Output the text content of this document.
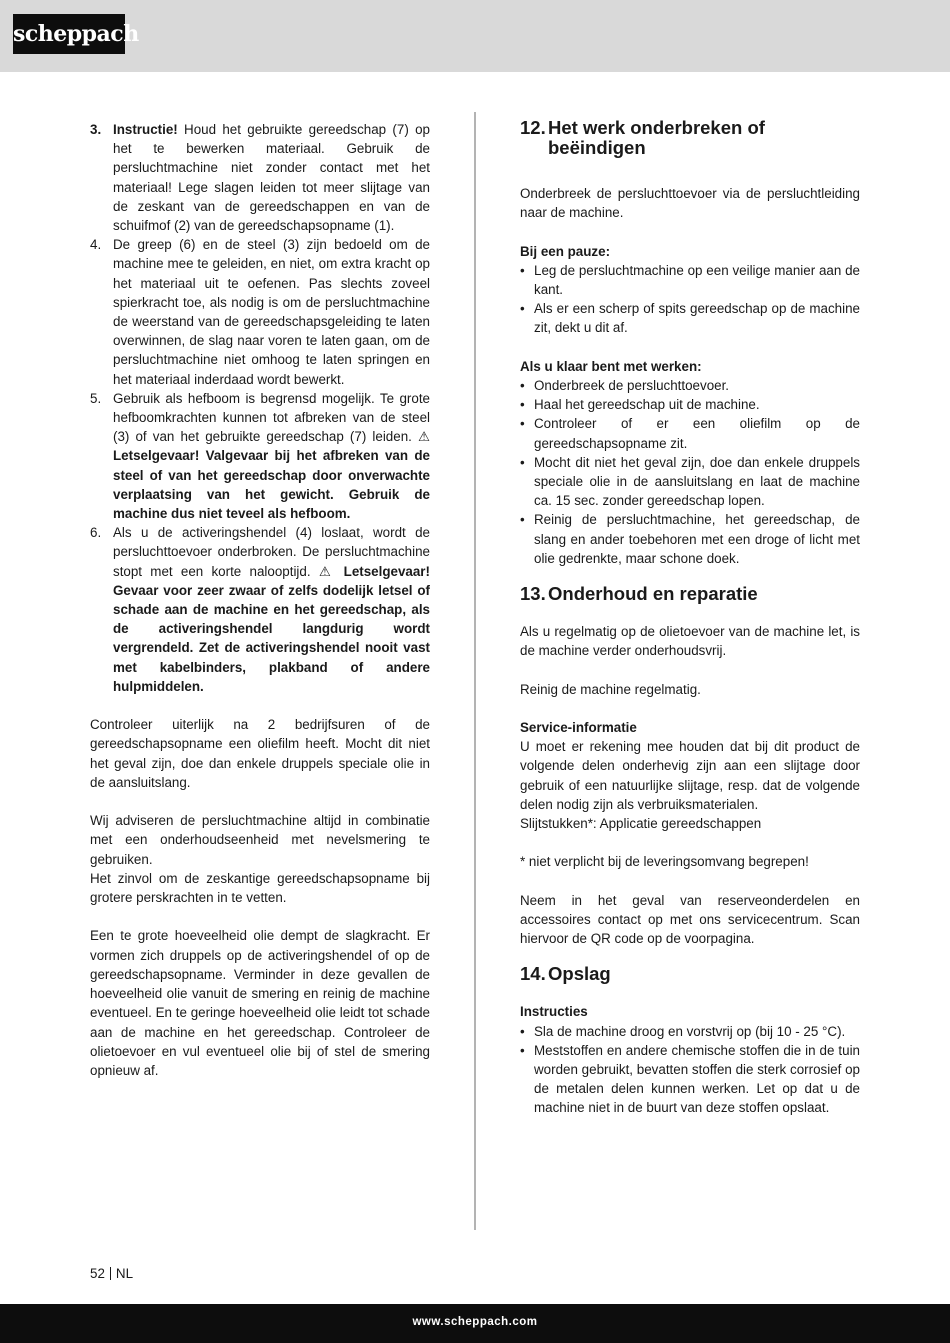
scheppach
3. Instructie! Houd het gebruikte gereedschap (7) op het te bewerken materiaal. Gebruik de persluchtmachine niet zonder contact met het materiaal! Lege slagen leiden tot meer slijtage van de zeskant van de gereedschappen en van de schuifmof (2) van de gereedschapsopname (1).
4. De greep (6) en de steel (3) zijn bedoeld om de machine mee te geleiden, en niet, om extra kracht op het materiaal uit te oefenen. Pas slechts zoveel spierkracht toe, als nodig is om de persluchtmachine de weerstand van de gereedschapsgeleiding te laten overwinnen, de slag naar voren te laten gaan, om de persluchtmachine niet omhoog te laten springen en het materiaal inderdaad wordt bewerkt.
5. Gebruik als hefboom is begrensd mogelijk. Te grote hefboomkrachten kunnen tot afbreken van de steel (3) of van het gebruikte gereedschap (7) leiden. ⚠ Letselgevaar! Valgevaar bij het afbreken van de steel of van het gereedschap door onverwachte verplaatsing van het gewicht. Gebruik de machine dus niet teveel als hefboom.
6. Als u de activeringshendel (4) loslaat, wordt de persluchttoevoer onderbroken. De persluchtmachine stopt met een korte nalooptijd. ⚠ Letselgevaar! Gevaar voor zeer zwaar of zelfs dodelijk letsel of schade aan de machine en het gereedschap, als de activeringshendel langdurig wordt vergrendeld. Zet de activeringshendel nooit vast met kabelbinders, plakband of andere hulpmiddelen.

Controleer uiterlijk na 2 bedrijfsuren of de gereedschapsopname een oliefilm heeft. Mocht dit niet het geval zijn, doe dan enkele druppels speciale olie in de aansluitslang.

Wij adviseren de persluchtmachine altijd in combinatie met een onderhoudseenheid met nevelsmering te gebruiken.

Het zinvol om de zeskantige gereedschapsopname bij grotere perskrachten in te vetten.

Een te grote hoeveelheid olie dempt de slagkracht. Er vormen zich druppels op de activeringshendel of op de gereedschapsopname. Verminder in deze gevallen de hoeveelheid olie vanuit de smering en reinig de machine eventueel. En te geringe hoeveelheid olie leidt tot schade aan de machine en het gereedschap. Controleer de olietoevoer en vul eventueel olie bij of stel de smering opnieuw af.

12. Het werk onderbreken of beëindigen

Onderbreek de persluchttoevoer via de persluchtleiding naar de machine.

Bij een pauze:

• Leg de persluchtmachine op een veilige manier aan de kant.
• Als er een scherp of spits gereedschap op de machine zit, dekt u dit af.

Als u klaar bent met werken:

• Onderbreek de persluchttoevoer.
• Haal het gereedschap uit de machine.
• Controleer of er een oliefilm op de gereedschapsopname zit.
• Mocht dit niet het geval zijn, doe dan enkele druppels speciale olie in de aansluitslang en laat de machine ca. 15 sec. zonder gereedschap lopen.
• Reinig de persluchtmachine, het gereedschap, de slang en ander toebehoren met een droge of licht met olie gedrenkte, maar schone doek.
13. Onderhoud en reparatie

Als u regelmatig op de olietoevoer van de machine let, is de machine verder onderhoudsvrij.

Reinig de machine regelmatig.

Service-informatie

U moet er rekening mee houden dat bij dit product de volgende delen onderhevig zijn aan een slijtage door gebruik of een natuurlijke slijtage, resp. dat de volgende delen nodig zijn als verbruiksmaterialen.

Slijtstukken*: Applicatie gereedschappen

* niet verplicht bij de leveringsomvang begrepen!

Neem in het geval van reserveonderdelen en accessoires contact op met ons servicecentrum. Scan hiervoor de QR code op de voorpagina.

14. Opslag

Instructies

• Sla de machine droog en vorstvrij op (bij 10 - 25 °C).
• Meststoffen en andere chemische stoffen die in de tuin worden gebruikt, bevatten stoffen die sterk corrosief op de metalen delen kunnen werken. Let op dat u de machine niet in de buurt van deze stoffen opslaat.
52 NL
www.scheppach.com
